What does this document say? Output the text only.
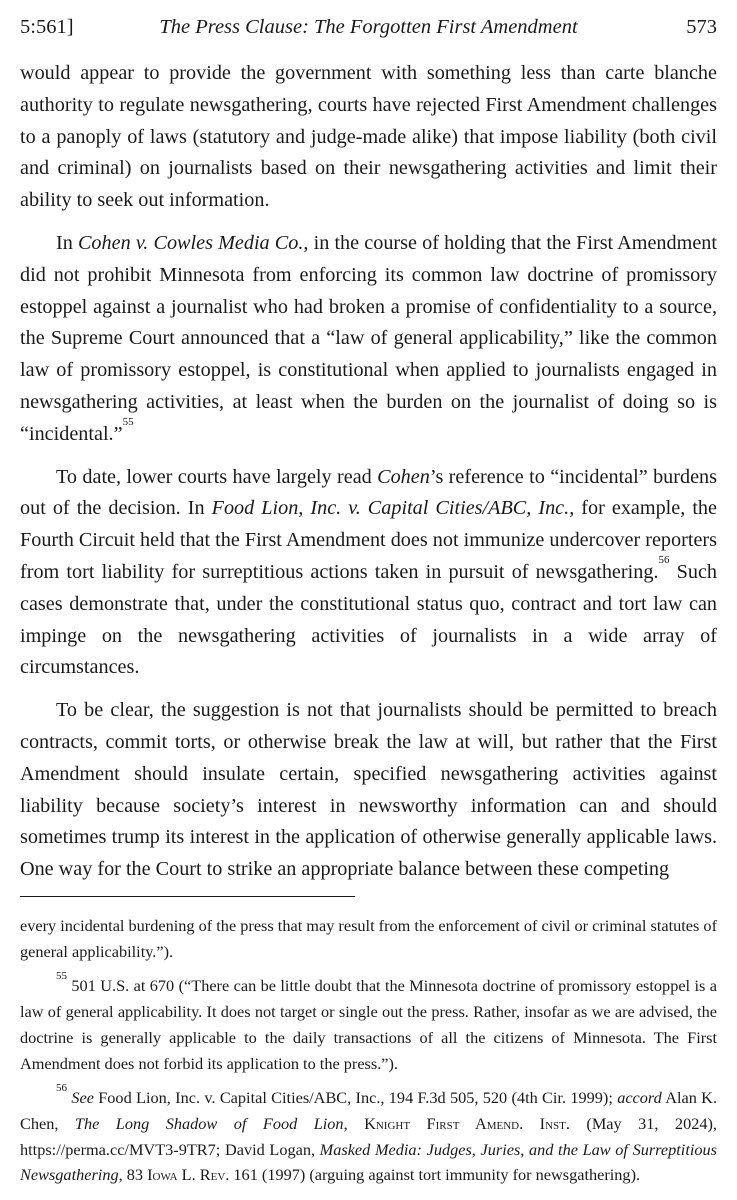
5:561]	The Press Clause: The Forgotten First Amendment	573

would appear to provide the government with something less than carte blanche authority to regulate newsgathering, courts have rejected First Amendment challenges to a panoply of laws (statutory and judge-made alike) that impose liability (both civil and criminal) on journalists based on their newsgathering activities and limit their ability to seek out information.

In Cohen v. Cowles Media Co., in the course of holding that the First Amendment did not prohibit Minnesota from enforcing its common law doctrine of promissory estoppel against a journalist who had broken a promise of confidentiality to a source, the Supreme Court announced that a “law of general applicability,” like the common law of promissory estoppel, is constitutional when applied to journalists engaged in newsgathering activities, at least when the burden on the journalist of doing so is “incidental.”$^{55}$

To date, lower courts have largely read Cohen’s reference to “incidental” burdens out of the decision. In Food Lion, Inc. v. Capital Cities/ABC, Inc., for example, the Fourth Circuit held that the First Amendment does not immunize undercover reporters from tort liability for surreptitious actions taken in pursuit of newsgathering.$^{56}$ Such cases demonstrate that, under the constitutional status quo, contract and tort law can impinge on the newsgathering activities of journalists in a wide array of circumstances.

To be clear, the suggestion is not that journalists should be permitted to breach contracts, commit torts, or otherwise break the law at will, but rather that the First Amendment should insulate certain, specified newsgathering activities against liability because society’s interest in newsworthy information can and should sometimes trump its interest in the application of otherwise generally applicable laws. One way for the Court to strike an appropriate balance between these competing

every incidental burdening of the press that may result from the enforcement of civil or criminal statutes of general applicability.”).

$^{55}$ 501 U.S. at 670 (“There can be little doubt that the Minnesota doctrine of promissory estoppel is a law of general applicability. It does not target or single out the press. Rather, insofar as we are advised, the doctrine is generally applicable to the daily transactions of all the citizens of Minnesota. The First Amendment does not forbid its application to the press.”).

$^{56}$ See Food Lion, Inc. v. Capital Cities/ABC, Inc., 194 F.3d 505, 520 (4th Cir. 1999); accord Alan K. Chen, The Long Shadow of Food Lion, Knight First Amend. Inst. (May 31, 2024), https://perma.cc/MVT3-9TR7; David Logan, Masked Media: Judges, Juries, and the Law of Surreptitious Newsgathering, 83 Iowa L. Rev. 161 (1997) (arguing against tort immunity for newsgathering).
